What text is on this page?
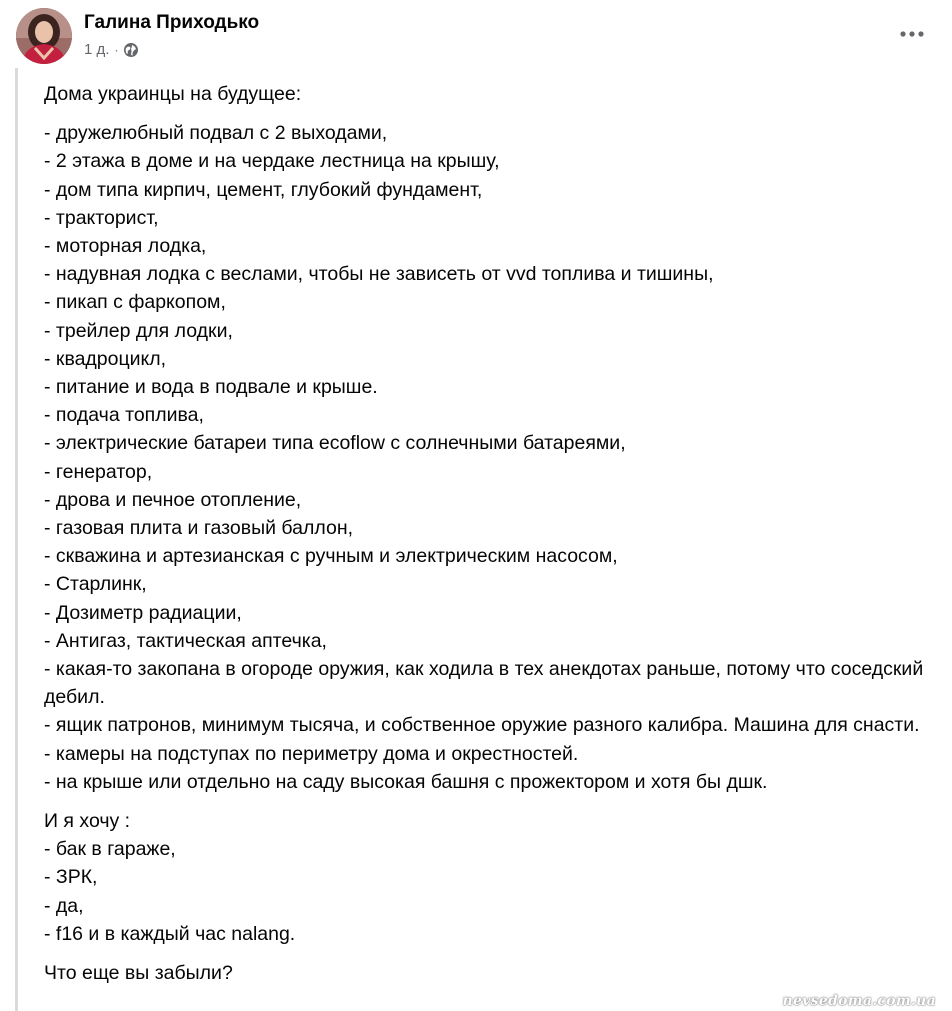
Галина Приходько
1 д. ·

Дома украинцы на будущее:

- дружелюбный подвал с 2 выходами,
- 2 этажа в доме и на чердаке лестница на крышу,
- дом типа кирпич, цемент, глубокий фундамент,
- тракторист,
- моторная лодка,
- надувная лодка с веслами, чтобы не зависеть от vvd топлива и тишины,
- пикап с фаркопом,
- трейлер для лодки,
- квадроцикл,
- питание и вода в подвале и крыше.
- подача топлива,
- электрические батареи типа ecoflow с солнечными батареями,
- генератор,
- дрова и печное отопление,
- газовая плита и газовый баллон,
- скважина и артезианская с ручным и электрическим насосом,
- Старлинк,
- Дозиметр радиации,
- Антигаз, тактическая аптечка,
- какая-то закопана в огороде оружия, как ходила в тех анекдотах раньше, потому что соседский дебил.
- ящик патронов, минимум тысяча, и собственное оружие разного калибра. Машина для снасти.
- камеры на подступах по периметру дома и окрестностей.
- на крыше или отдельно на саду высокая башня с прожектором и хотя бы дшк.
И я хочу :
- бак в гараже,
- ЗРК,
- да,
- f16 и в каждый час nalang.

Что еще вы забыли?

nevsedoma.com.ua
